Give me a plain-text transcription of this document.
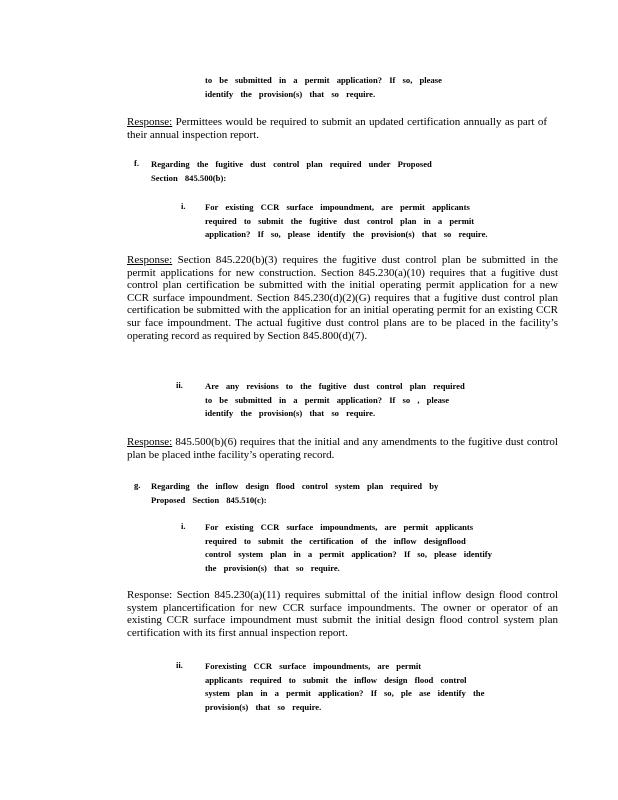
to be submitted in a permit application? If so, please
identify the provision(s) that so require.

Response: Permittees would be required to submit an updated certification annually as part of their annual inspection report.

f. Regarding the fugitive dust control plan required under Proposed
Section 845.500(b):
i. For existing CCR surface impoundment, are permit applicants
required to submit the fugitive dust control plan in a permit
application? If so, please identify the provision(s) that so require.

Response: Section 845.220(b)(3) requires the fugitive dust control plan be submitted in the permit applications for new construction. Section 845.230(a)(10) requires that a fugitive dust control plan certification be submitted with the initial operating permit application for a new CCR surface impoundment. Section 845.230(d)(2)(G) requires that a fugitive dust control plan certification be submitted with the application for an initial operating permit for an existing CCR sur face impoundment. The actual fugitive dust control plans are to be placed in the facility’s operating record as required by Section 845.800(d)(7).

ii.	Are any revisions to the fugitive dust control plan required
to be submitted in a permit application? If so , please
identify the provision(s) that so require.

Response: 845.500(b)(6) requires that the initial and any amendments to the fugitive dust control plan be placed inthe facility’s operating record.

g. Regarding the inflow design flood control system plan required by
Proposed Section 845.510(c):
i. For existing CCR surface impoundments, are permit applicants
required to submit the certification of the inflow designflood
control system plan in a permit application? If so, please identify
the provision(s) that so require.

Response: Section 845.230(a)(11) requires submittal of the initial inflow design flood control system plancertification for new CCR surface impoundments. The owner or operator of an existing CCR surface impoundment must submit the initial design flood control system plan certification with its first annual inspection report.

ii.	Forexisting CCR surface impoundments, are permit
applicants required to submit the inflow design flood control
system plan in a permit application? If so, ple ase identify the
provision(s) that so require.
